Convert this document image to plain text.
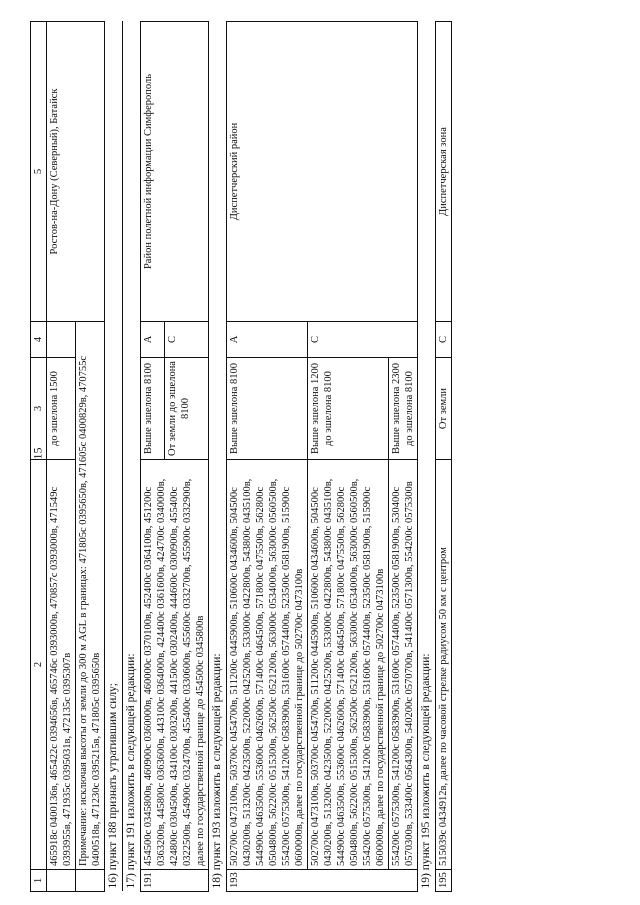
15
1	2	3	4	5
	465918с 0400136в, 465422с 0394656в, 465746с 0393000в, 470857с 0393000в, 471549с 0393955в, 471935с 0395031в, 472135с 0395307в	до эшелона 1500		Ростов-на-Дону (Северный), Батайск
	Примечание: исключая высоты от земли до 300 м AGL в границах: 471805с 0395650в, 471605с 0400829в, 470755с 0400518в, 471230с 0395215в, 471805с 0395650в			
16) пункт 188 признать утратившим силу;				
17) пункт 191 изложить в следующей редакции:				
191	454500с 0345800в, 460900с 0360000в, 460000с 0370100в, 452400с 0364100в, 451200с 0363200в, 445800с 0363600в, 443100с 0364000в, 424400с 0361600в, 424700с 0340000в, 424800с 0304500в, 434100с 0303200в, 441500с 0302400в, 444600с 0300900в, 455400с 0322500в, 454900с 0324700в, 455400с 0330600в, 455600с 0332700в, 455900с 0332900в, далее по государственной границе до 454500с 0345800в	Выше эшелона 8100	A	Район полетной информации Симферополь
		От земли до эшелона 8100	C	
18) пункт 193 изложить в следующей редакции:				
193	502700с 0473100в, 503700с 0454700в, 511200с 0445900в, 510600с 0434600в, 504500с 0430200в, 513200с 0423500в, 522000с 0425200в, 533000с 0422800в, 543800с 0435100в, 544900с 0463500в, 553600с 0462600в, 571400с 0464500в, 571800с 0475500в, 562800с 0504800в, 562200с 0515300в, 562500с 0521200в, 563000с 0534000в, 563000с 0560500в, 554200с 0575300в, 541200с 0583900в, 531600с 0574400в, 523500с 0581900в, 515900с 0600000в, далее по государственной границе до 502700с 0473100в	Выше эшелона 8100	A	Диспетчерский район
	502700с 0473100в, 503700с 0454700в, 511200с 0445900в, 510600с 0434600в, 504500с 0430200в, 513200с 0423500в, 522000с 0425200в, 533000с 0422800в, 543800с 0435100в, 544900с 0463500в, 553600с 0462600в, 571400с 0464500в, 571800с 0475500в, 562800с 0504800в, 562200с 0515300в, 562500с 0521200в, 563000с 0534000в, 563000с 0560500в, 554200с 0575300в, 541200с 0583900в, 531600с 0574400в, 523500с 0581900в, 515900с 0600000в, далее по государственной границе до 502700с 0473100в	Выше эшелона 1200 до эшелона 8100	C	
	554200с 0575300в, 541200с 0583900в, 531600с 0574400в, 523500с 0581900в, 530400с 0570300в, 533400с 0564300в, 540200с 0570700в, 541400с 0571300в, 554200с 0575300в	Выше эшелона 2300 до эшелона 8100		
19) пункт 195 изложить в следующей редакции:				
195	515039с 0434912в, далее по часовой стрелке радиусом 50 км с центром	От земли	C	Диспетчерская зона
